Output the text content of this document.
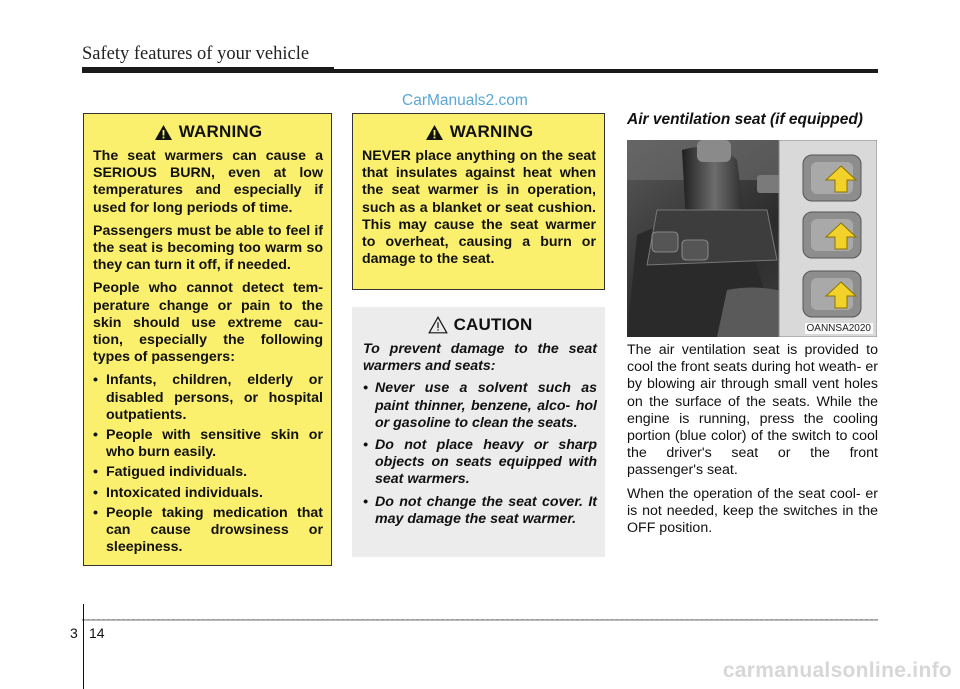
Safety features of your vehicle
CarManuals2.com
WARNING

The seat warmers can cause a SERIOUS BURN, even at low temperatures and especially if used for long periods of time.

Passengers must be able to feel if the seat is becoming too warm so they can turn it off, if needed.

People who cannot detect tem- perature change or pain to the skin should use extreme cau- tion, especially the following types of passengers:

• Infants, children, elderly or disabled persons, or hospital outpatients.
• People with sensitive skin or who burn easily.
• Fatigued individuals.
• Intoxicated individuals.
• People taking medication that can cause drowsiness or sleepiness.
WARNING

NEVER place anything on the seat that insulates against heat when the seat warmer is in operation, such as a blanket or seat cushion. This may cause the seat warmer to overheat, causing a burn or damage to the seat.

CAUTION

To prevent damage to the seat warmers and seats:

• Never use a solvent such as paint thinner, benzene, alco- hol or gasoline to clean the seats.
• Do not place heavy or sharp objects on seats equipped with seat warmers.
• Do not change the seat cover. It may damage the seat warmer.
Air ventilation seat (if equipped)
OANNSA2020

The air ventilation seat is provided to cool the front seats during hot weath- er by blowing air through small vent holes on the surface of the seats. While the engine is running, press the cooling portion (blue color) of the switch to cool the driver's seat or the front passenger's seat.

When the operation of the seat cool- er is not needed, keep the switches in the OFF position.

3 14
carmanualsonline.info
